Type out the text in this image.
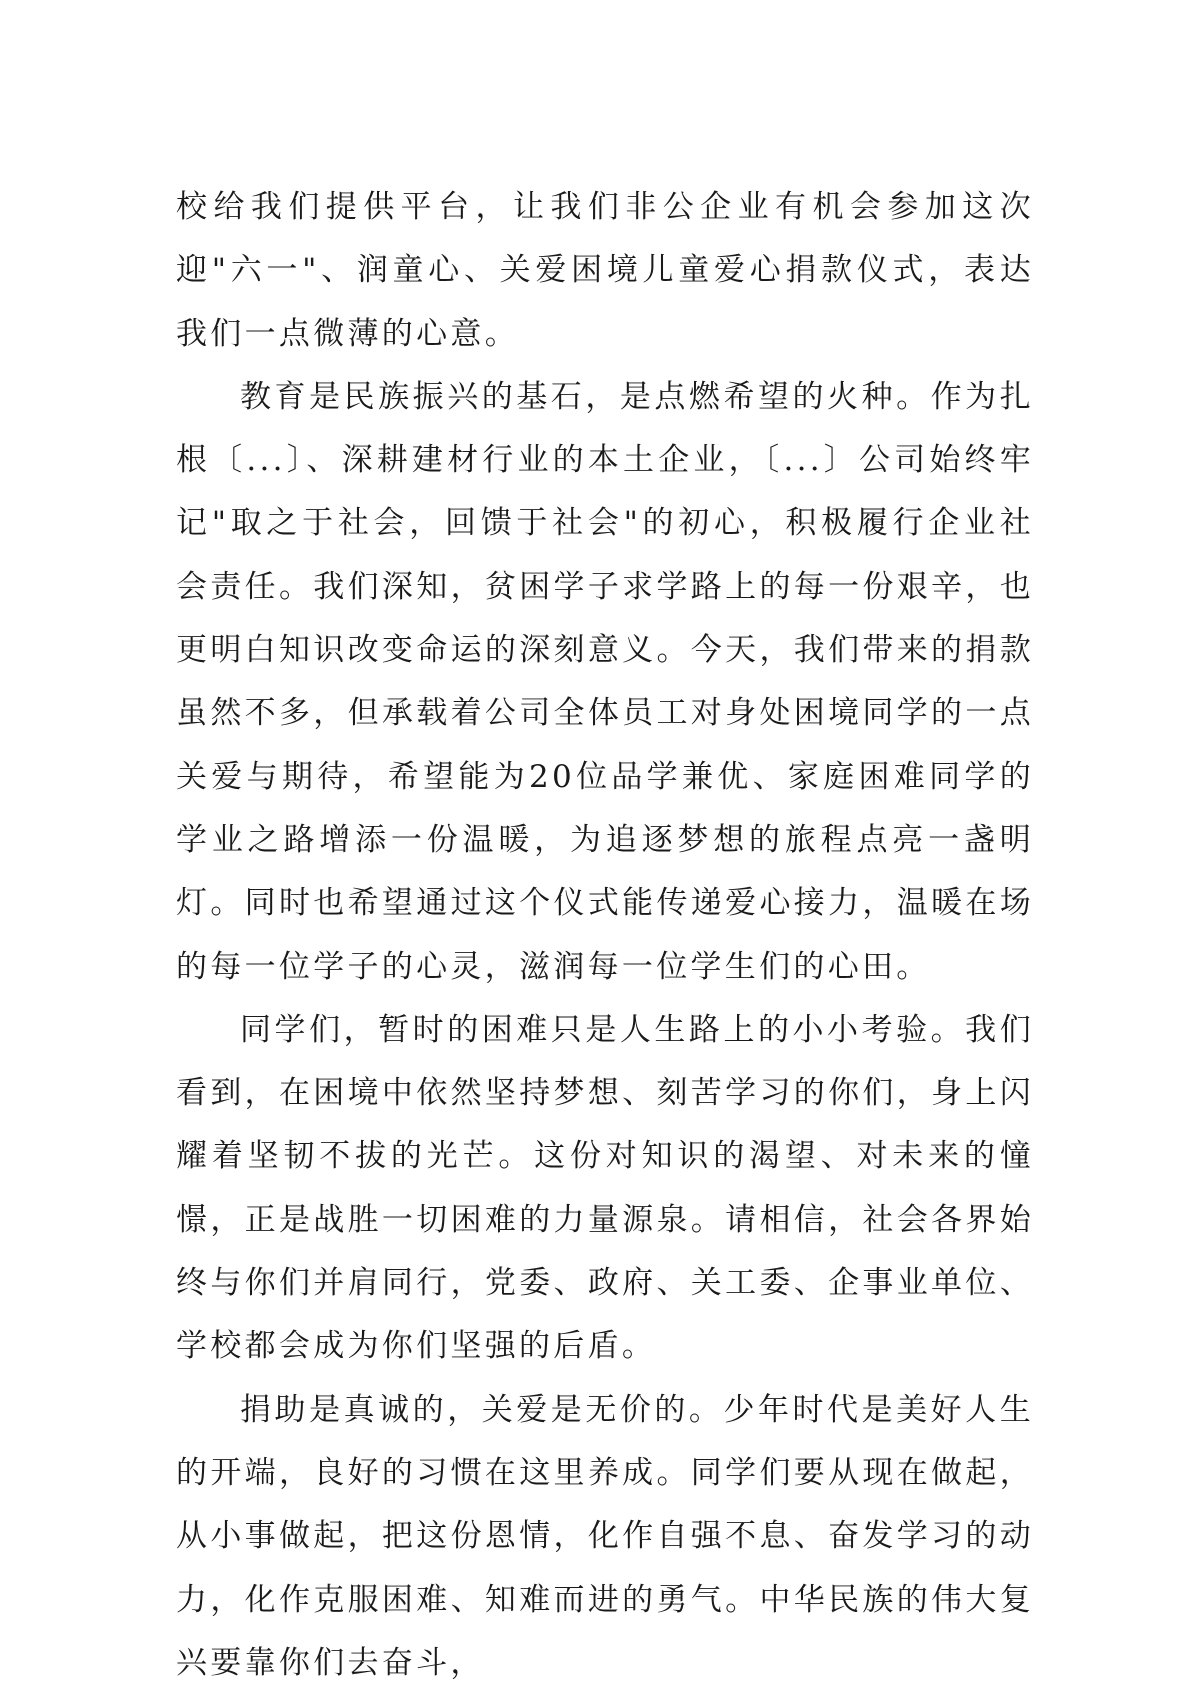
校给我们提供平台，让我们非公企业有机会参加这次迎"六一"、润童心、关爱困境儿童爱心捐款仪式，表达我们一点微薄的心意。

教育是民族振兴的基石，是点燃希望的火种。作为扎根〔...〕、深耕建材行业的本土企业，〔...〕公司始终牢记"取之于社会，回馈于社会"的初心，积极履行企业社会责任。我们深知，贫困学子求学路上的每一份艰辛，也更明白知识改变命运的深刻意义。今天，我们带来的捐款虽然不多，但承载着公司全体员工对身处困境同学的一点关爱与期待，希望能为20位品学兼优、家庭困难同学的学业之路增添一份温暖，为追逐梦想的旅程点亮一盏明灯。同时也希望通过这个仪式能传递爱心接力，温暖在场的每一位学子的心灵，滋润每一位学生们的心田。

同学们，暂时的困难只是人生路上的小小考验。我们看到，在困境中依然坚持梦想、刻苦学习的你们，身上闪耀着坚韧不拔的光芒。这份对知识的渴望、对未来的憧憬，正是战胜一切困难的力量源泉。请相信，社会各界始终与你们并肩同行，党委、政府、关工委、企事业单位、学校都会成为你们坚强的后盾。

捐助是真诚的，关爱是无价的。少年时代是美好人生的开端，良好的习惯在这里养成。同学们要从现在做起，从小事做起，把这份恩情，化作自强不息、奋发学习的动力，化作克服困难、知难而进的勇气。中华民族的伟大复兴要靠你们去奋斗，
